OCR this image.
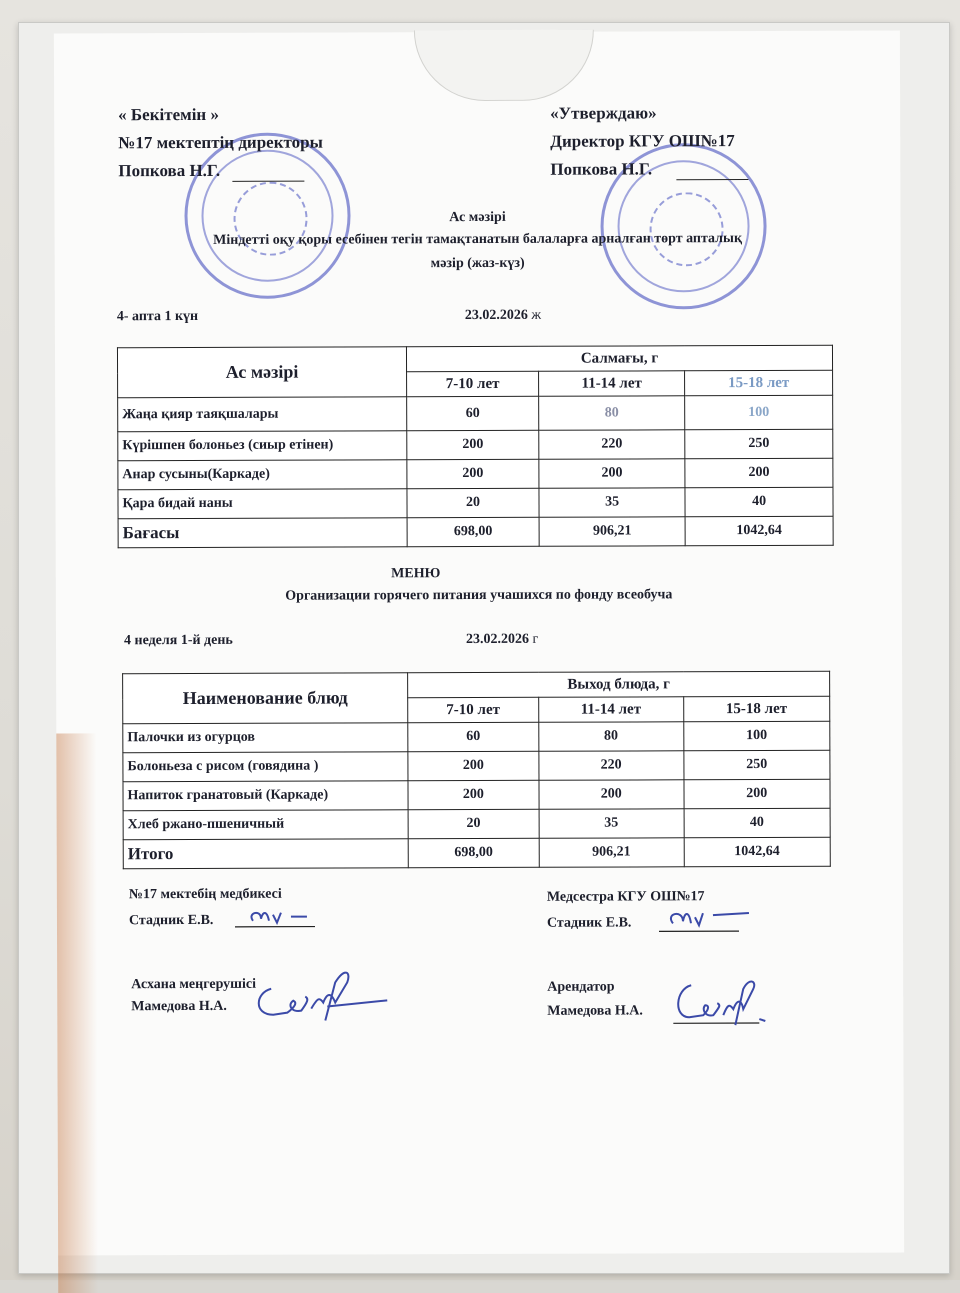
« Бекітемін »
№17 мектептің директоры
Попкова Н.Г.
«Утверждаю»
Директор КГУ ОШ№17
Попкова Н.Г.
Ас мәзірі
Міндетті оқу қоры есебінен тегін тамақтанатын балаларға арналған төрт апталық
мәзір (жаз-күз)
4- апта 1 күн	23.02.2026 ж
Ас мәзірі	Салмағы, г		
	7-10 лет	11-14 лет	15-18 лет
Жаңа қияр таяқшалары	60	80	100
Күрішпен болоньез (сиыр етінен)	200	220	250
Анар сусыны(Каркаде)	200	200	200
Қара бидай наны	20	35	40
Бағасы	698,00	906,21	1042,64
МЕНЮ
Организации горячего питания учашихся по фонду всеобуча
4 неделя 1-й день	23.02.2026 г
Наименование блюд	Выход блюда, г		
	7-10 лет	11-14 лет	15-18 лет
Палочки из огурцов	60	80	100
Болоньеза с рисом (говядина )	200	220	250
Напиток гранатовый (Каркаде)	200	200	200
Хлеб ржано-пшеничный	20	35	40
Итого	698,00	906,21	1042,64
№17 мектебің медбикесі
Стадник Е.В.
Медсестра КГУ ОШ№17
Стадник Е.В.
Асхана меңгерушісі
Мамедова Н.А.
Арендатор
Мамедова Н.А.
